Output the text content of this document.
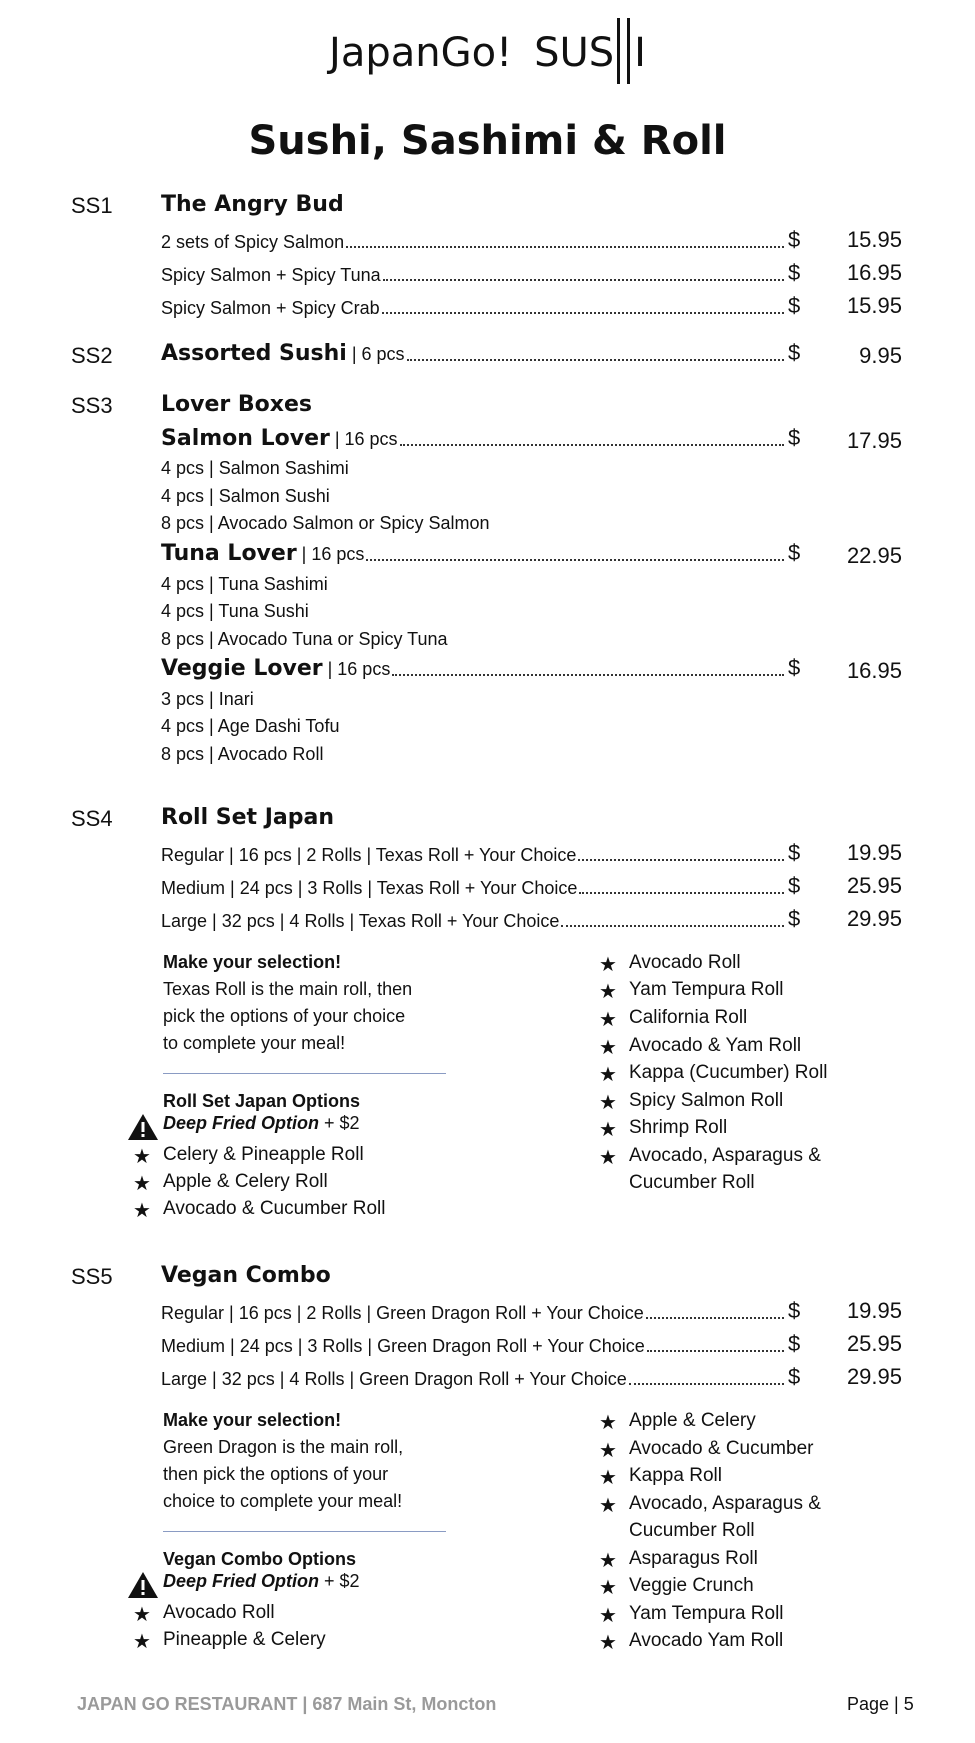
JapanGo! SUS I
Sushi, Sashimi & Roll
SS1 The Angry Bud
2 sets of Spicy Salmon	$	15.95
Spicy Salmon + Spicy Tuna	$	16.95
Spicy Salmon + Spicy Crab	$	15.95
SS2 Assorted Sushi | 6 pcs	$	9.95
SS3 Lover Boxes
Salmon Lover | 16 pcs	$	17.95
4 pcs | Salmon Sashimi
4 pcs | Salmon Sushi
8 pcs | Avocado Salmon or Spicy Salmon
Tuna Lover | 16 pcs	$	22.95
4 pcs | Tuna Sashimi
4 pcs | Tuna Sushi
8 pcs | Avocado Tuna or Spicy Tuna
Veggie Lover | 16 pcs	$	16.95
3 pcs | Inari
4 pcs | Age Dashi Tofu
8 pcs | Avocado Roll
SS4 Roll Set Japan
Regular | 16 pcs | 2 Rolls | Texas Roll + Your Choice	$	19.95
Medium | 24 pcs | 3 Rolls | Texas Roll + Your Choice	$	25.95
Large | 32 pcs | 4 Rolls | Texas Roll + Your Choice	$	29.95
Make your selection!
Texas Roll is the main roll, then
pick the options of your choice
to complete your meal!
Roll Set Japan Options
Deep Fried Option + $2
★ Celery & Pineapple Roll
★ Apple & Celery Roll
★ Avocado & Cucumber Roll
★ Avocado Roll
★ Yam Tempura Roll
★ California Roll
★ Avocado & Yam Roll
★ Kappa (Cucumber) Roll
★ Spicy Salmon Roll
★ Shrimp Roll
★ Avocado, Asparagus &
Cucumber Roll
SS5 Vegan Combo
Regular | 16 pcs | 2 Rolls | Green Dragon Roll + Your Choice	$	19.95
Medium | 24 pcs | 3 Rolls | Green Dragon Roll + Your Choice	$	25.95
Large | 32 pcs | 4 Rolls | Green Dragon Roll + Your Choice	$	29.95
Make your selection!
Green Dragon is the main roll,
then pick the options of your
choice to complete your meal!
Vegan Combo Options
Deep Fried Option + $2
★ Avocado Roll
★ Pineapple & Celery
★ Apple & Celery
★ Avocado & Cucumber
★ Kappa Roll
★ Avocado, Asparagus &
Cucumber Roll
★ Asparagus Roll
★ Veggie Crunch
★ Yam Tempura Roll
★ Avocado Yam Roll
JAPAN GO RESTAURANT | 687 Main St, Moncton	Page | 5
